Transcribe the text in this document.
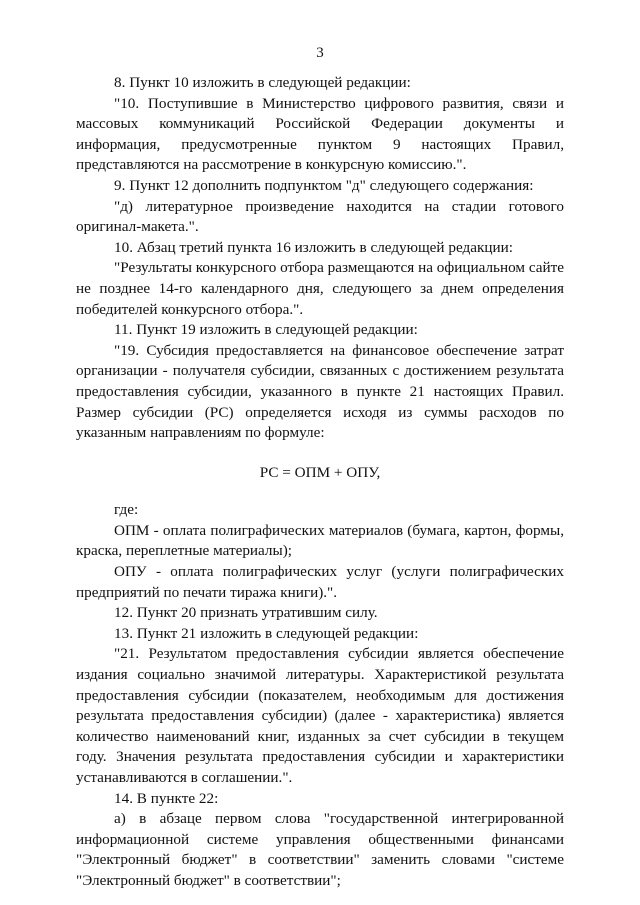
3

8. Пункт 10 изложить в следующей редакции:

"10. Поступившие в Министерство цифрового развития, связи и массовых коммуникаций Российской Федерации документы и информация, предусмотренные пунктом 9 настоящих Правил, представляются на рассмотрение в конкурсную комиссию.".

9. Пункт 12 дополнить подпунктом "д" следующего содержания:

"д) литературное произведение находится на стадии готового оригинал-макета.".

10. Абзац третий пункта 16 изложить в следующей редакции:

"Результаты конкурсного отбора размещаются на официальном сайте не позднее 14-го календарного дня, следующего за днем определения победителей конкурсного отбора.".

11. Пункт 19 изложить в следующей редакции:

"19. Субсидия предоставляется на финансовое обеспечение затрат организации - получателя субсидии, связанных с достижением результата предоставления субсидии, указанного в пункте 21 настоящих Правил. Размер субсидии (РС) определяется исходя из суммы расходов по указанным направлениям по формуле:

РС = ОПМ + ОПУ,

где:

ОПМ - оплата полиграфических материалов (бумага, картон, формы, краска, переплетные материалы);

ОПУ - оплата полиграфических услуг (услуги полиграфических предприятий по печати тиража книги).".

12. Пункт 20 признать утратившим силу.

13. Пункт 21 изложить в следующей редакции:

"21. Результатом предоставления субсидии является обеспечение издания социально значимой литературы. Характеристикой результата предоставления субсидии (показателем, необходимым для достижения результата предоставления субсидии) (далее - характеристика) является количество наименований книг, изданных за счет субсидии в текущем году. Значения результата предоставления субсидии и характеристики устанавливаются в соглашении.".

14. В пункте 22:

а) в абзаце первом слова "государственной интегрированной информационной системе управления общественными финансами "Электронный бюджет" в соответствии" заменить словами "системе "Электронный бюджет" в соответствии";
